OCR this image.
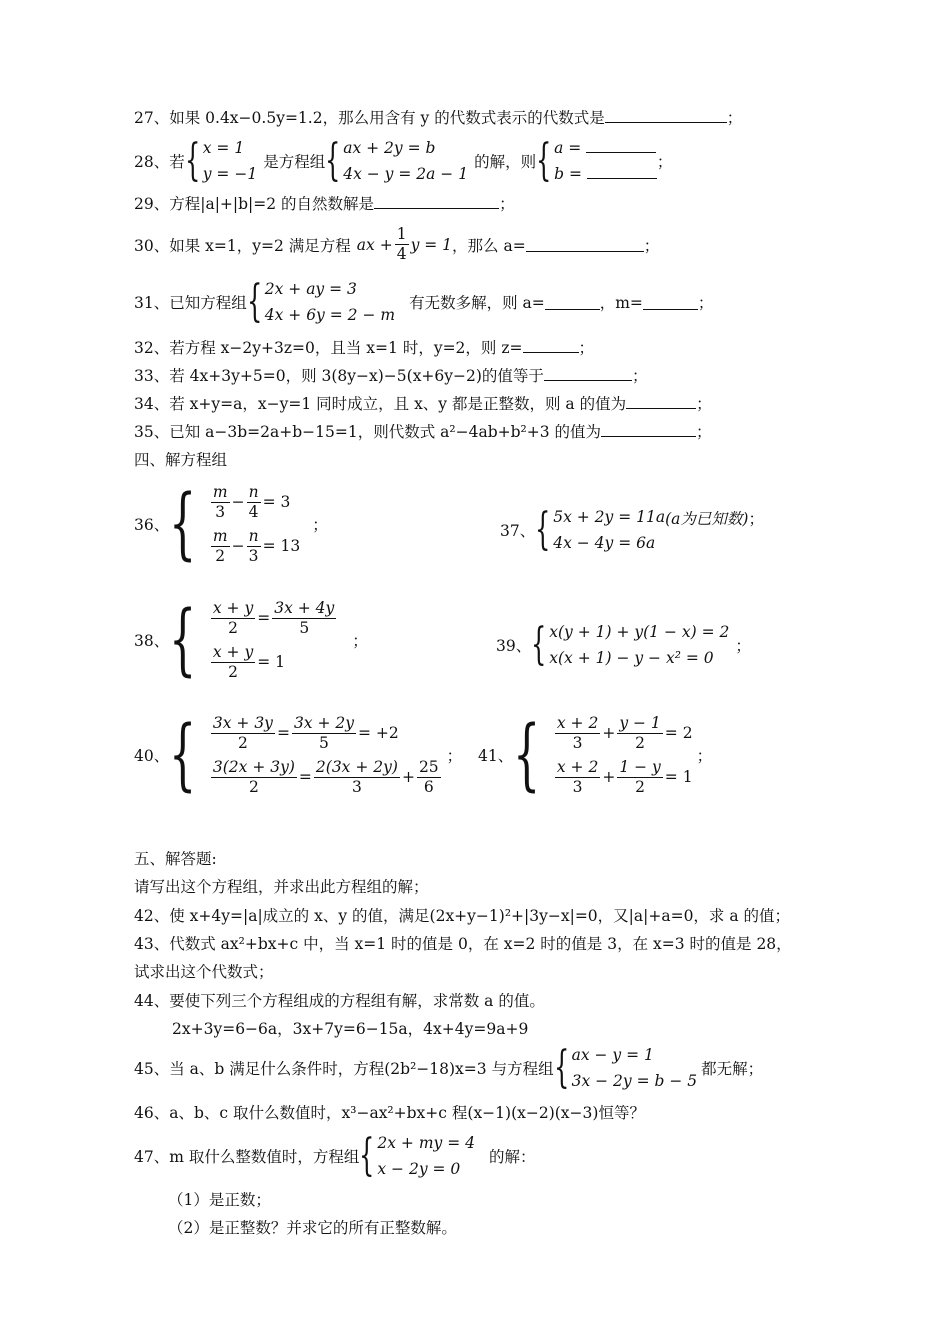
27、如果 0.4x−0.5y=1.2，那么用含有 y 的代数式表示的代数式是	；
28、 若 { x = 1
y = −1
是方程组 { ax + 2y = b
4x − y = 2a − 1
的解，则 { a =
b =
；
29、方程|a|+|b|=2 的自然数解是	；
30、 如果 x=1，y=2 满足方程 ax + $\frac{1}{4}$ y = 1 ，那么 a=	；
31、 已知方程组 { 2x + ay = 3
4x + 6y = 2 − m
有无数多解，则 a=	，m=	；
32、若方程 x−2y+3z=0，且当 x=1 时，y=2，则 z=	；
33、若 4x+3y+5=0，则 3(8y−x)−5(x+6y−2)的值等于	；
34、若 x+y=a，x−y=1 同时成立，且 x、y 都是正整数，则 a 的值为	；
35、已知 a−3b=2a+b−15=1，则代数式 a²−4ab+b²+3 的值为	；
四、解方程组
36、 { $\frac{m}{3} - \frac{n}{4} = 3$
$\frac{m}{2} - \frac{n}{3} = 13$
；	37、 { 5x + 2y = 11a
4x − 4y = 6a
(a为已知数) ；
38、 { $\frac{x + y}{2} = \frac{3x + 4y}{5}$
$\frac{x + y}{2} = 1$
；	39、 { x(y + 1) + y(1 − x) = 2
x(x + 1) − y − x² = 0
；
40、 { $\frac{3x + 3y}{2} = \frac{3x + 2y}{5} = +2$
$\frac{3(2x + 3y)}{2} = \frac{2(3x + 2y)}{3} + \frac{25}{6}$
； 41、 { $\frac{x + 2}{3} + \frac{y - 1}{2} = 2$
$\frac{x + 2}{3} + \frac{1 - y}{2} = 1$
；
五、解答题:
请写出这个方程组，并求出此方程组的解；
42、使 x+4y=|a|成立的 x、y 的值，满足(2x+y−1)²+|3y−x|=0，又|a|+a=0，求 a 的值；
43、代数式 ax²+bx+c 中，当 x=1 时的值是 0，在 x=2 时的值是 3，在 x=3 时的值是 28，
试求出这个代数式；
44、要使下列三个方程组成的方程组有解，求常数 a 的值。
2x+3y=6−6a，3x+7y=6−15a，4x+4y=9a+9
45、 当 a、b 满足什么条件时，方程(2b²−18)x=3 与方程组 { ax − y = 1
3x − 2y = b − 5
都无解；
46、a、b、c 取什么数值时，x³−ax²+bx+c 程(x−1)(x−2)(x−3)恒等？
47、 m 取什么整数值时，方程组 { 2x + my = 4
x − 2y = 0
的解：
（1）是正数；
（2）是正整数？并求它的所有正整数解。
